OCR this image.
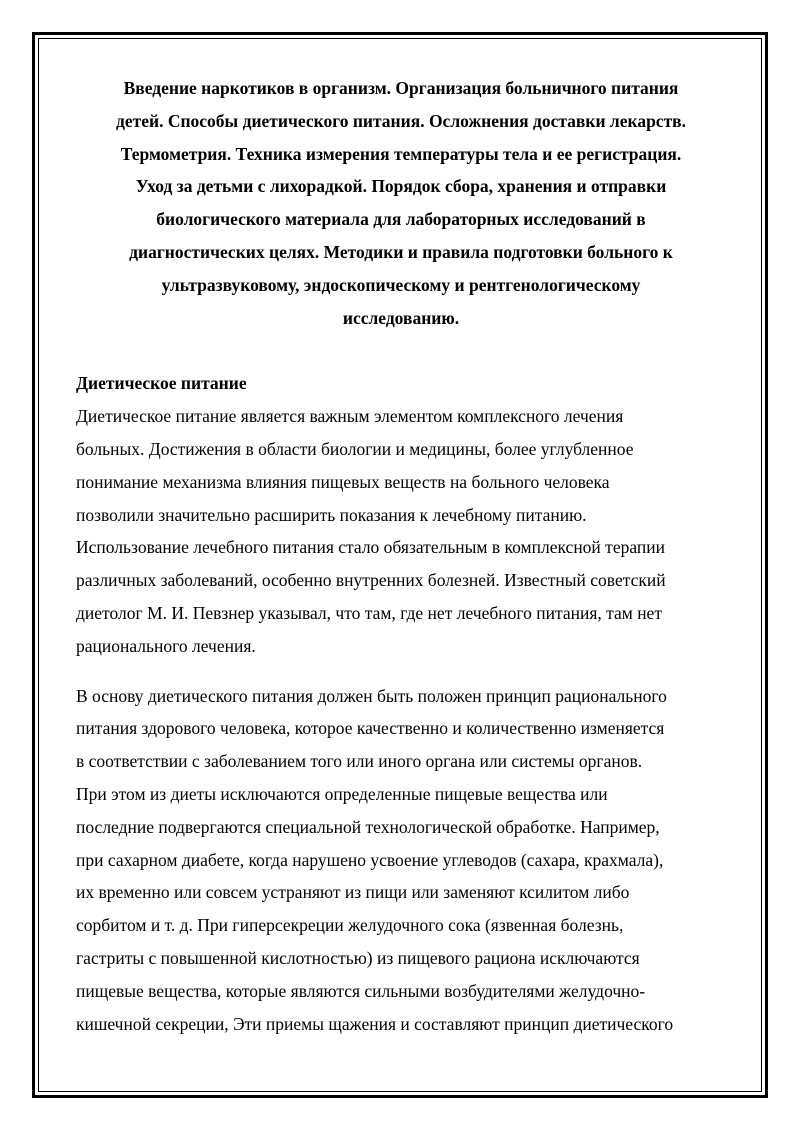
Введение наркотиков в организм. Организация больничного питания
детей. Способы диетического питания. Осложнения доставки лекарств.
Термометрия. Техника измерения температуры тела и ее регистрация.
Уход за детьми с лихорадкой. Порядок сбора, хранения и отправки
биологического материала для лабораторных исследований в
диагностических целях. Методики и правила подготовки больного к
ультразвуковому, эндоскопическому и рентгенологическому
исследованию.
Диетическое питание

Диетическое питание является важным элементом комплексного лечения
больных. Достижения в области биологии и медицины, более углубленное
понимание механизма влияния пищевых веществ на больного человека
позволили значительно расширить показания к лечебному питанию.
Использование лечебного питания стало обязательным в комплексной терапии
различных заболеваний, особенно внутренних болезней. Известный советский
диетолог М. И. Певзнер указывал, что там, где нет лечебного питания, там нет
рационального лечения.

В основу диетического питания должен быть положен принцип рационального
питания здорового человека, которое качественно и количественно изменяется
в соответствии с заболеванием того или иного органа или системы органов.
При этом из диеты исключаются определенные пищевые вещества или
последние подвергаются специальной технологической обработке. Например,
при сахарном диабете, когда нарушено усвоение углеводов (сахара, крахмала),
их временно или совсем устраняют из пищи или заменяют ксилитом либо
сорбитом и т. д. При гиперсекреции желудочного сока (язвенная болезнь,
гастриты с повышенной кислотностью) из пищевого рациона исключаются
пищевые вещества, которые являются сильными возбудителями желудочно-
кишечной секреции, Эти приемы щажения и составляют принцип диетического
